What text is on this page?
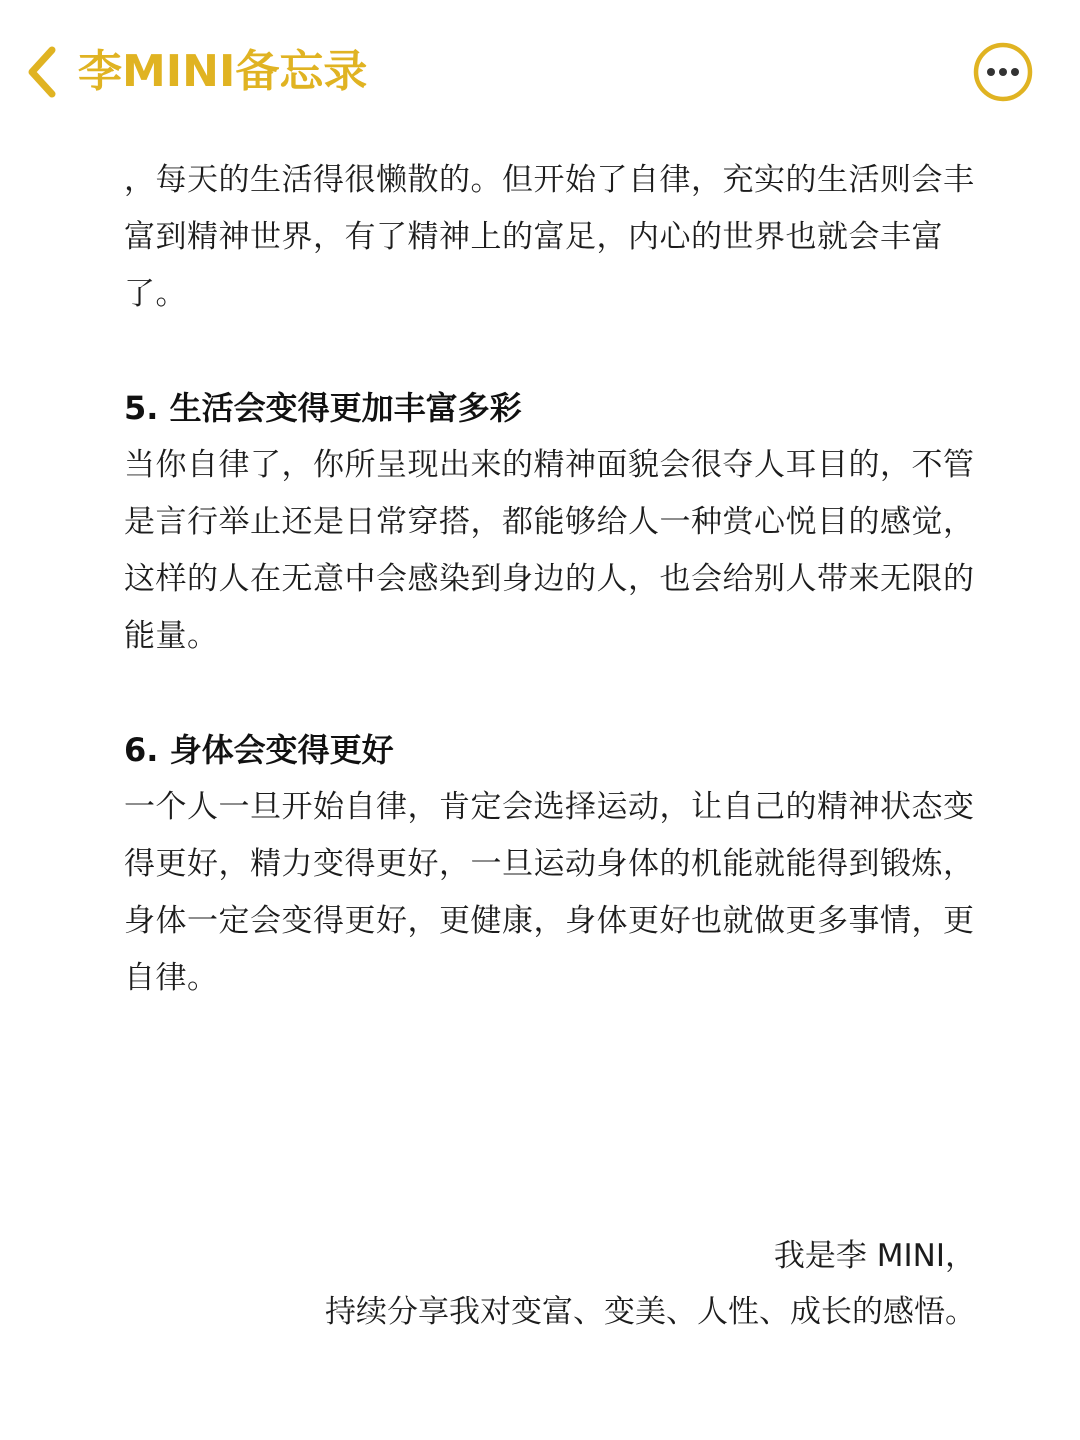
李MINI备忘录

，每天的生活得很懒散的。但开始了自律，充实的生活则会丰富到精神世界，有了精神上的富足，内心的世界也就会丰富了。

5. 生活会变得更加丰富多彩

当你自律了，你所呈现出来的精神面貌会很夺人耳目的，不管是言行举止还是日常穿搭，都能够给人一种赏心悦目的感觉，这样的人在无意中会感染到身边的人，也会给别人带来无限的能量。

6. 身体会变得更好

一个人一旦开始自律，肯定会选择运动，让自己的精神状态变得更好，精力变得更好，一旦运动身体的机能就能得到锻炼，身体一定会变得更好，更健康，身体更好也就做更多事情，更自律。

我是李 MINI，
持续分享我对变富、变美、人性、成长的感悟。
